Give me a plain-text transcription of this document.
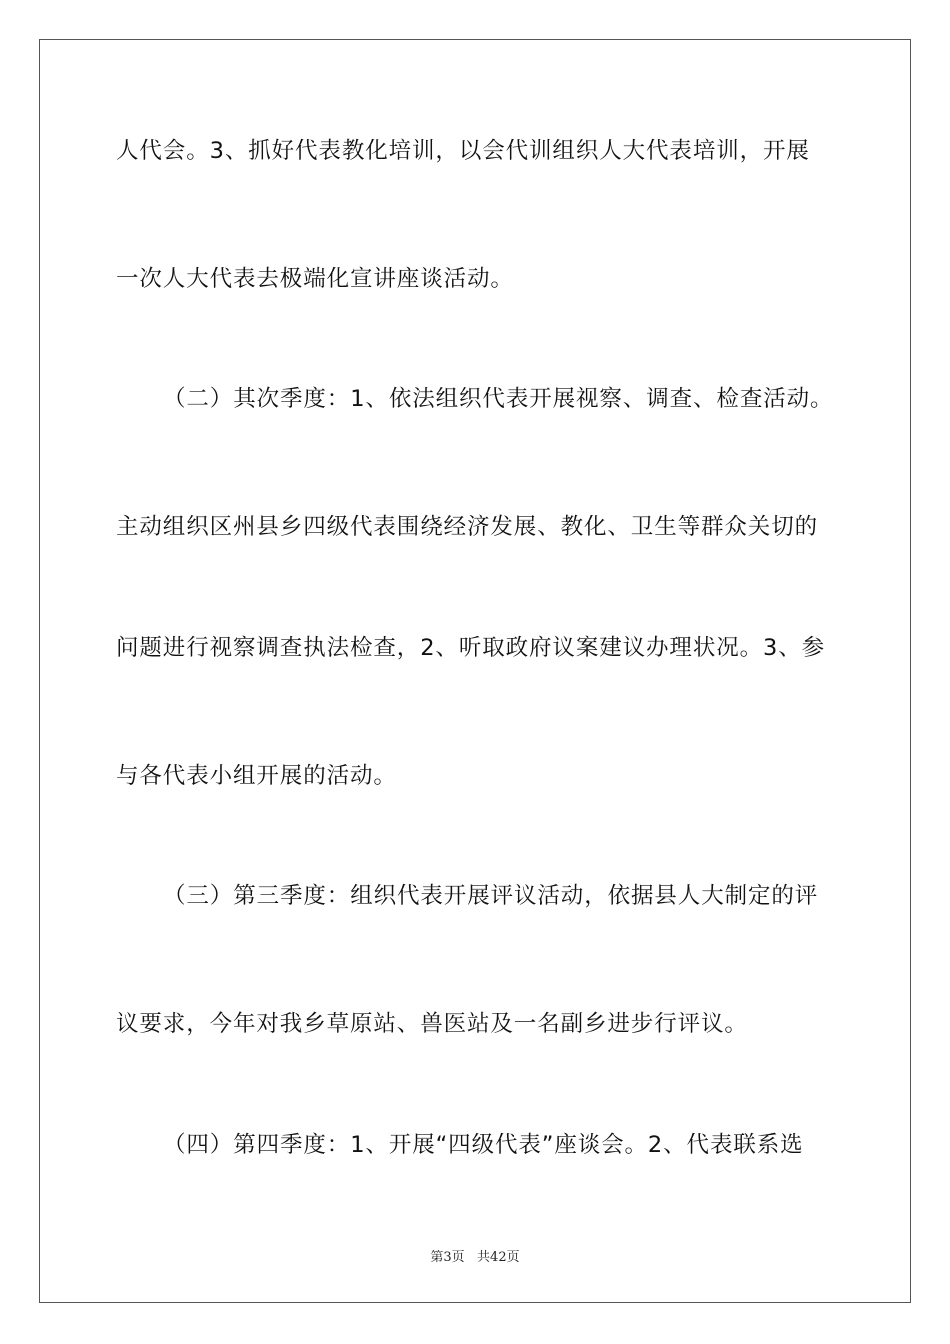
人代会。3、抓好代表教化培训，以会代训组织人大代表培训，开展
一次人大代表去极端化宣讲座谈活动。
（二）其次季度：1、依法组织代表开展视察、调查、检查活动。
主动组织区州县乡四级代表围绕经济发展、教化、卫生等群众关切的
问题进行视察调查执法检查，2、听取政府议案建议办理状况。3、参
与各代表小组开展的活动。
（三）第三季度：组织代表开展评议活动，依据县人大制定的评
议要求，今年对我乡草原站、兽医站及一名副乡进步行评议。
（四）第四季度：1、开展“四级代表”座谈会。2、代表联系选
第3页   共42页
